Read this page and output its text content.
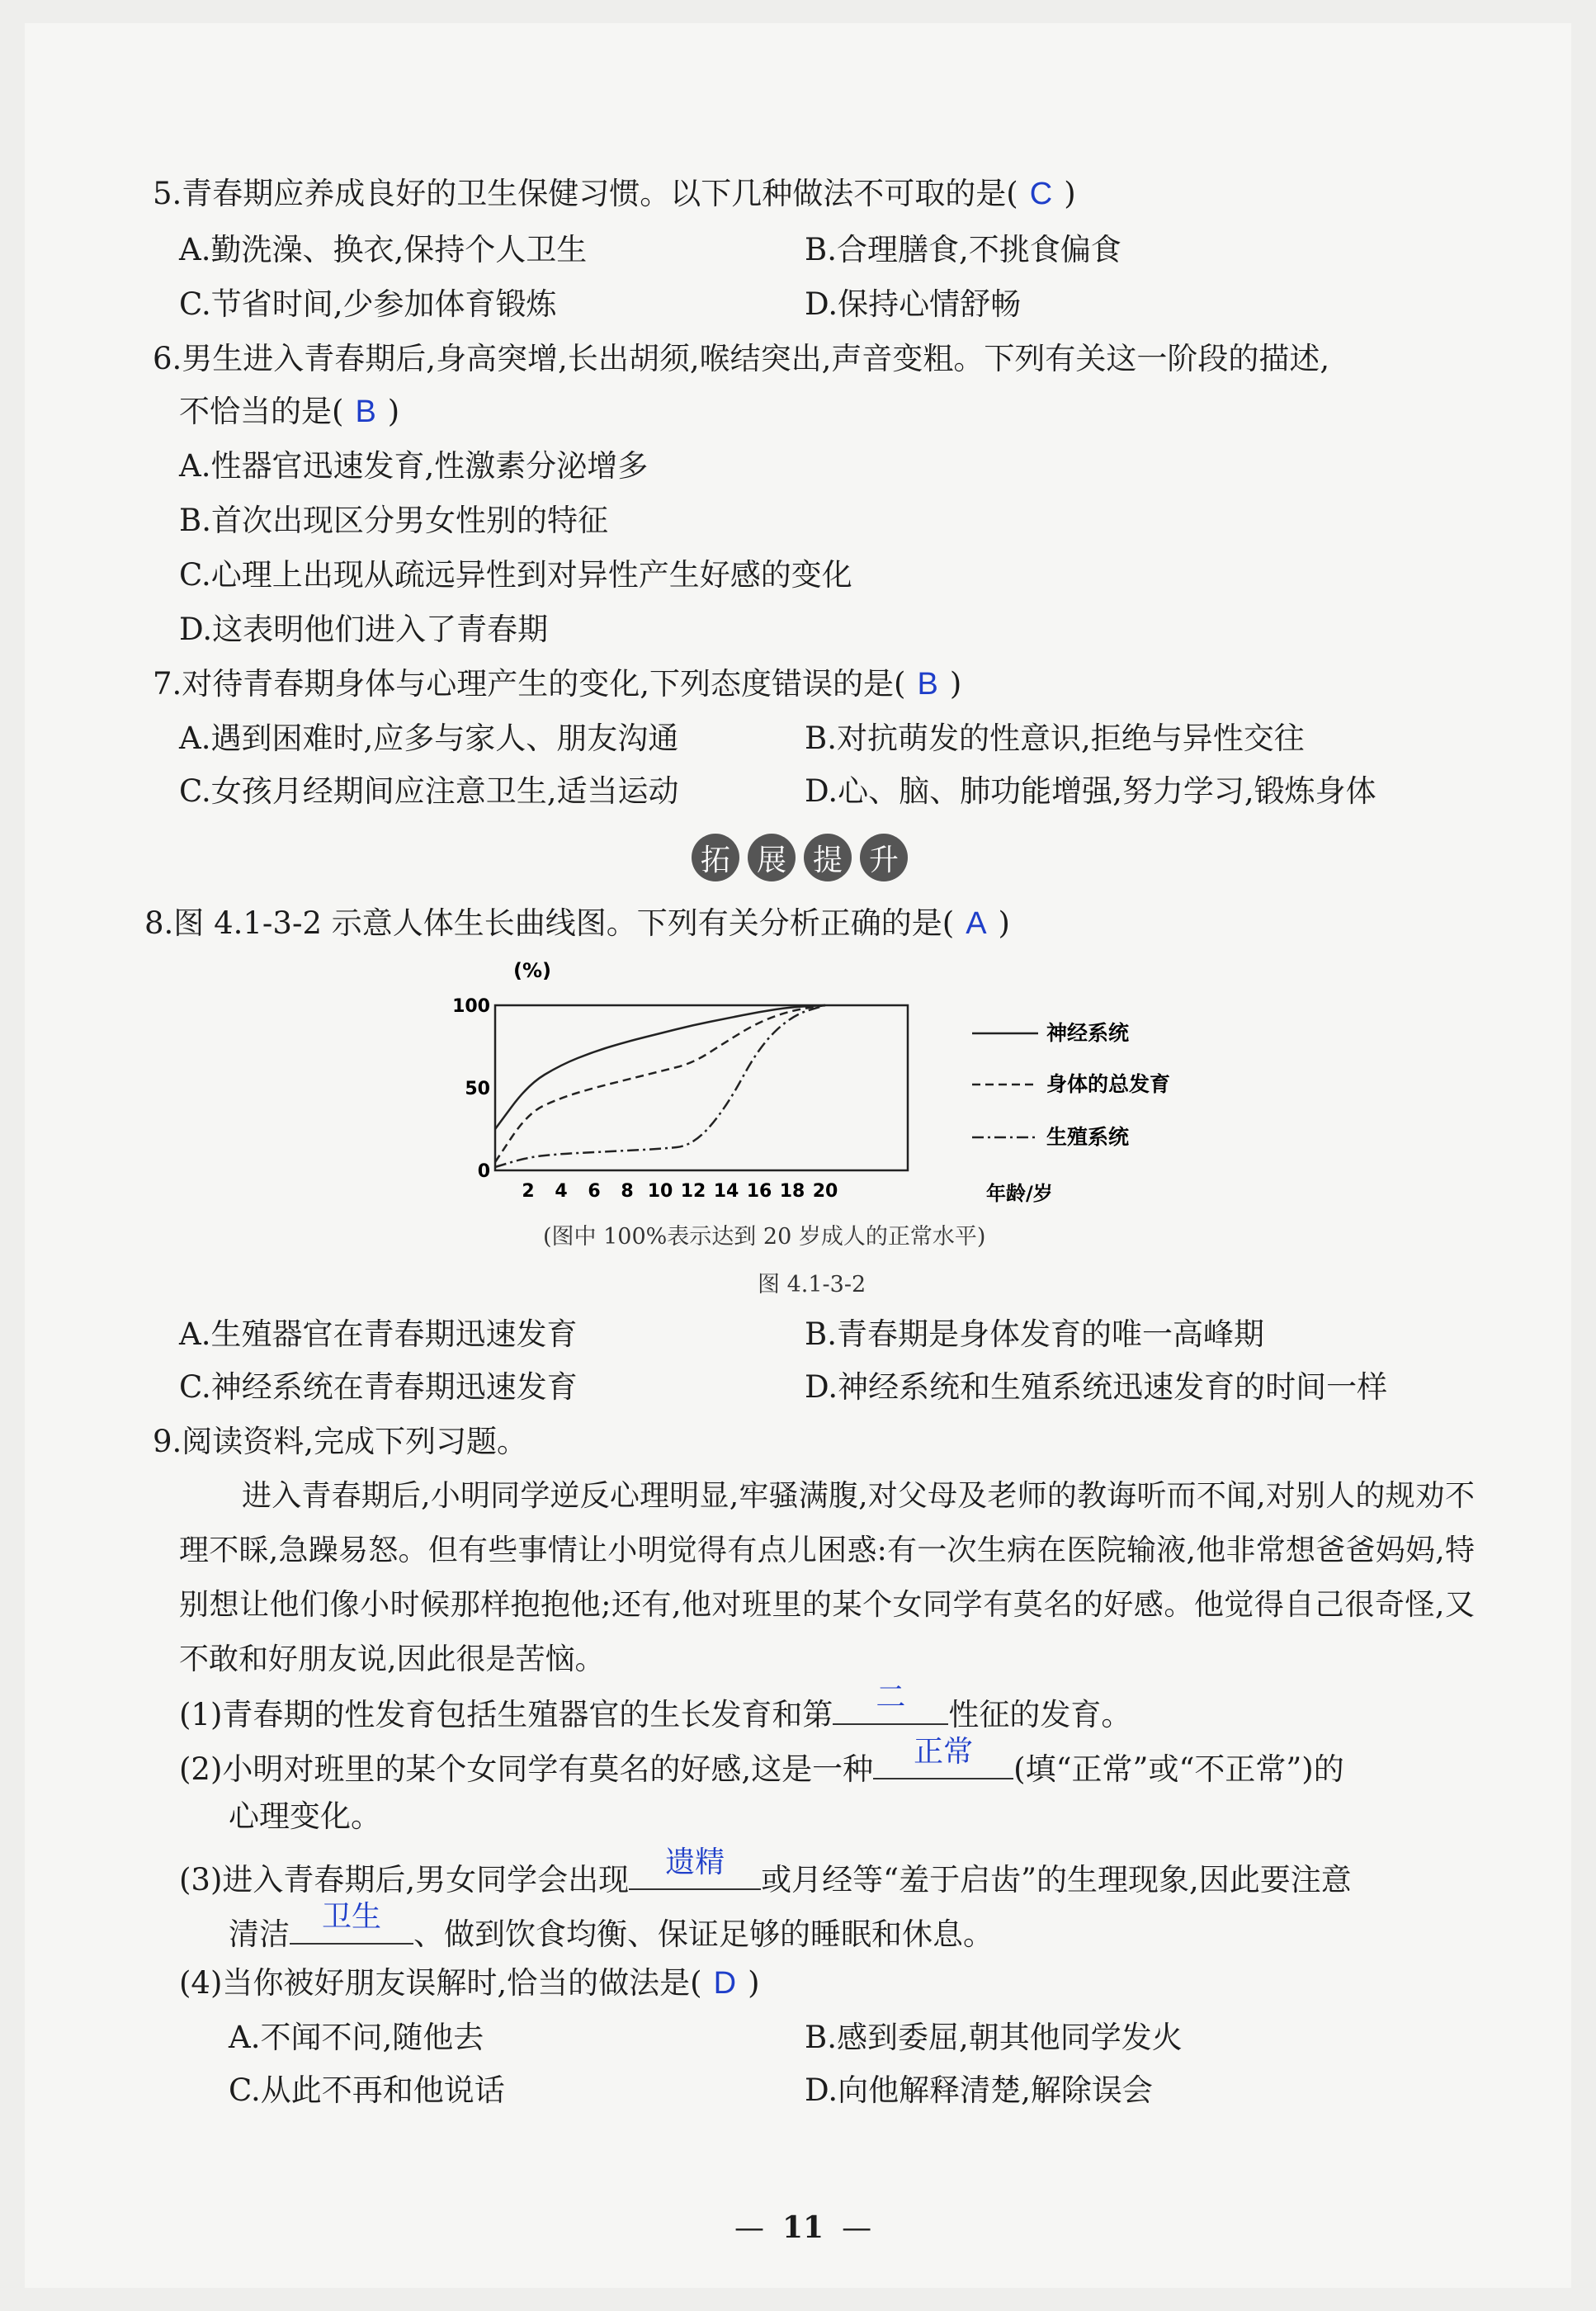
5.青春期应养成良好的卫生保健习惯。以下几种做法不可取的是( C )
A.勤洗澡、换衣,保持个人卫生	B.合理膳食,不挑食偏食
C.节省时间,少参加体育锻炼	D.保持心情舒畅
6.男生进入青春期后,身高突增,长出胡须,喉结突出,声音变粗。下列有关这一阶段的描述,
不恰当的是( B )
A.性器官迅速发育,性激素分泌增多
B.首次出现区分男女性别的特征
C.心理上出现从疏远异性到对异性产生好感的变化
D.这表明他们进入了青春期
7.对待青春期身体与心理产生的变化,下列态度错误的是( B )
A.遇到困难时,应多与家人、朋友沟通	B.对抗萌发的性意识,拒绝与异性交往
C.女孩月经期间应注意卫生,适当运动	D.心、脑、肺功能增强,努力学习,锻炼身体
拓 展 提 升
8.图 4.1-3-2 示意人体生长曲线图。下列有关分析正确的是( A )
0
50
100
2 4 6 8 10 12 14 16 18 20
(%)
年龄/岁
神经系统
身体的总发育
生殖系统
(图中 100%表示达到 20 岁成人的正常水平)
图 4.1-3-2
A.生殖器官在青春期迅速发育	B.青春期是身体发育的唯一高峰期
C.神经系统在青春期迅速发育	D.神经系统和生殖系统迅速发育的时间一样
9.阅读资料,完成下列习题。
进入青春期后,小明同学逆反心理明显,牢骚满腹,对父母及老师的教诲听而不闻,对别人的规劝不理不睬,急躁易怒。但有些事情让小明觉得有点儿困惑:有一次生病在医院输液,他非常想爸爸妈妈,特别想让他们像小时候那样抱抱他;还有,他对班里的某个女同学有莫名的好感。他觉得自己很奇怪,又不敢和好朋友说,因此很是苦恼。
(1)青春期的性发育包括生殖器官的生长发育和第	二	性征的发育。
(2)小明对班里的某个女同学有莫名的好感,这是一种	正常	(填“正常”或“不正常”)的
心理变化。
(3)进入青春期后,男女同学会出现	遗精	或月经等“羞于启齿”的生理现象,因此要注意
清洁	卫生	、做到饮食均衡、保证足够的睡眠和休息。
(4)当你被好朋友误解时,恰当的做法是( D )
A.不闻不问,随他去	B.感到委屈,朝其他同学发火
C.从此不再和他说话	D.向他解释清楚,解除误会
— 11 —
